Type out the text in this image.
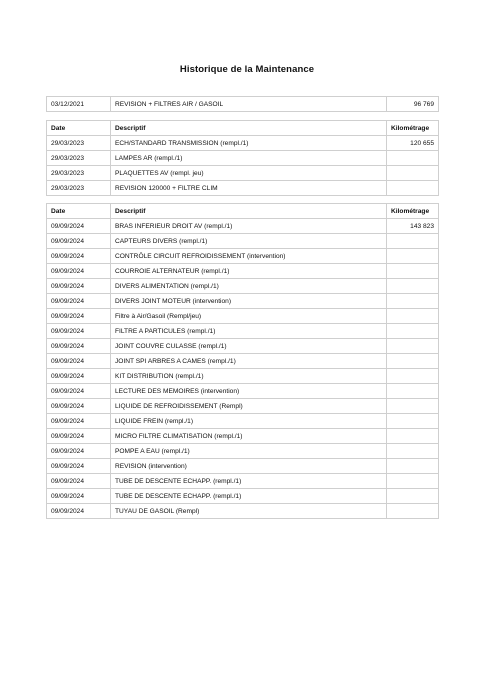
Historique de la Maintenance
03/12/2021	REVISION + FILTRES AIR / GASOIL	96 769
Date	Descriptif	Kilométrage
29/03/2023	ECH/STANDARD TRANSMISSION (rempl./1)	120 655
29/03/2023	LAMPES AR (rempl./1)	
29/03/2023	PLAQUETTES AV (rempl. jeu)	
29/03/2023	REVISION 120000 + FILTRE CLIM	
Date	Descriptif	Kilométrage
09/09/2024	BRAS INFERIEUR DROIT AV (rempl./1)	143 823
09/09/2024	CAPTEURS DIVERS (rempl./1)	
09/09/2024	CONTRÔLE CIRCUIT REFROIDISSEMENT (intervention)	
09/09/2024	COURROIE ALTERNATEUR (rempl./1)	
09/09/2024	DIVERS ALIMENTATION (rempl./1)	
09/09/2024	DIVERS JOINT MOTEUR (intervention)	
09/09/2024	Filtre à Air/Gasoil (Rempl/jeu)	
09/09/2024	FILTRE A PARTICULES (rempl./1)	
09/09/2024	JOINT COUVRE CULASSE (rempl./1)	
09/09/2024	JOINT SPI ARBRES A CAMES (rempl./1)	
09/09/2024	KIT DISTRIBUTION (rempl./1)	
09/09/2024	LECTURE DES MEMOIRES (intervention)	
09/09/2024	LIQUIDE DE REFROIDISSEMENT (Rempl)	
09/09/2024	LIQUIDE FREIN (rempl./1)	
09/09/2024	MICRO FILTRE CLIMATISATION (rempl./1)	
09/09/2024	POMPE A EAU (rempl./1)	
09/09/2024	REVISION (intervention)	
09/09/2024	TUBE DE DESCENTE ECHAPP. (rempl./1)	
09/09/2024	TUBE DE DESCENTE ECHAPP. (rempl./1)	
09/09/2024	TUYAU DE GASOIL (Rempl)	
